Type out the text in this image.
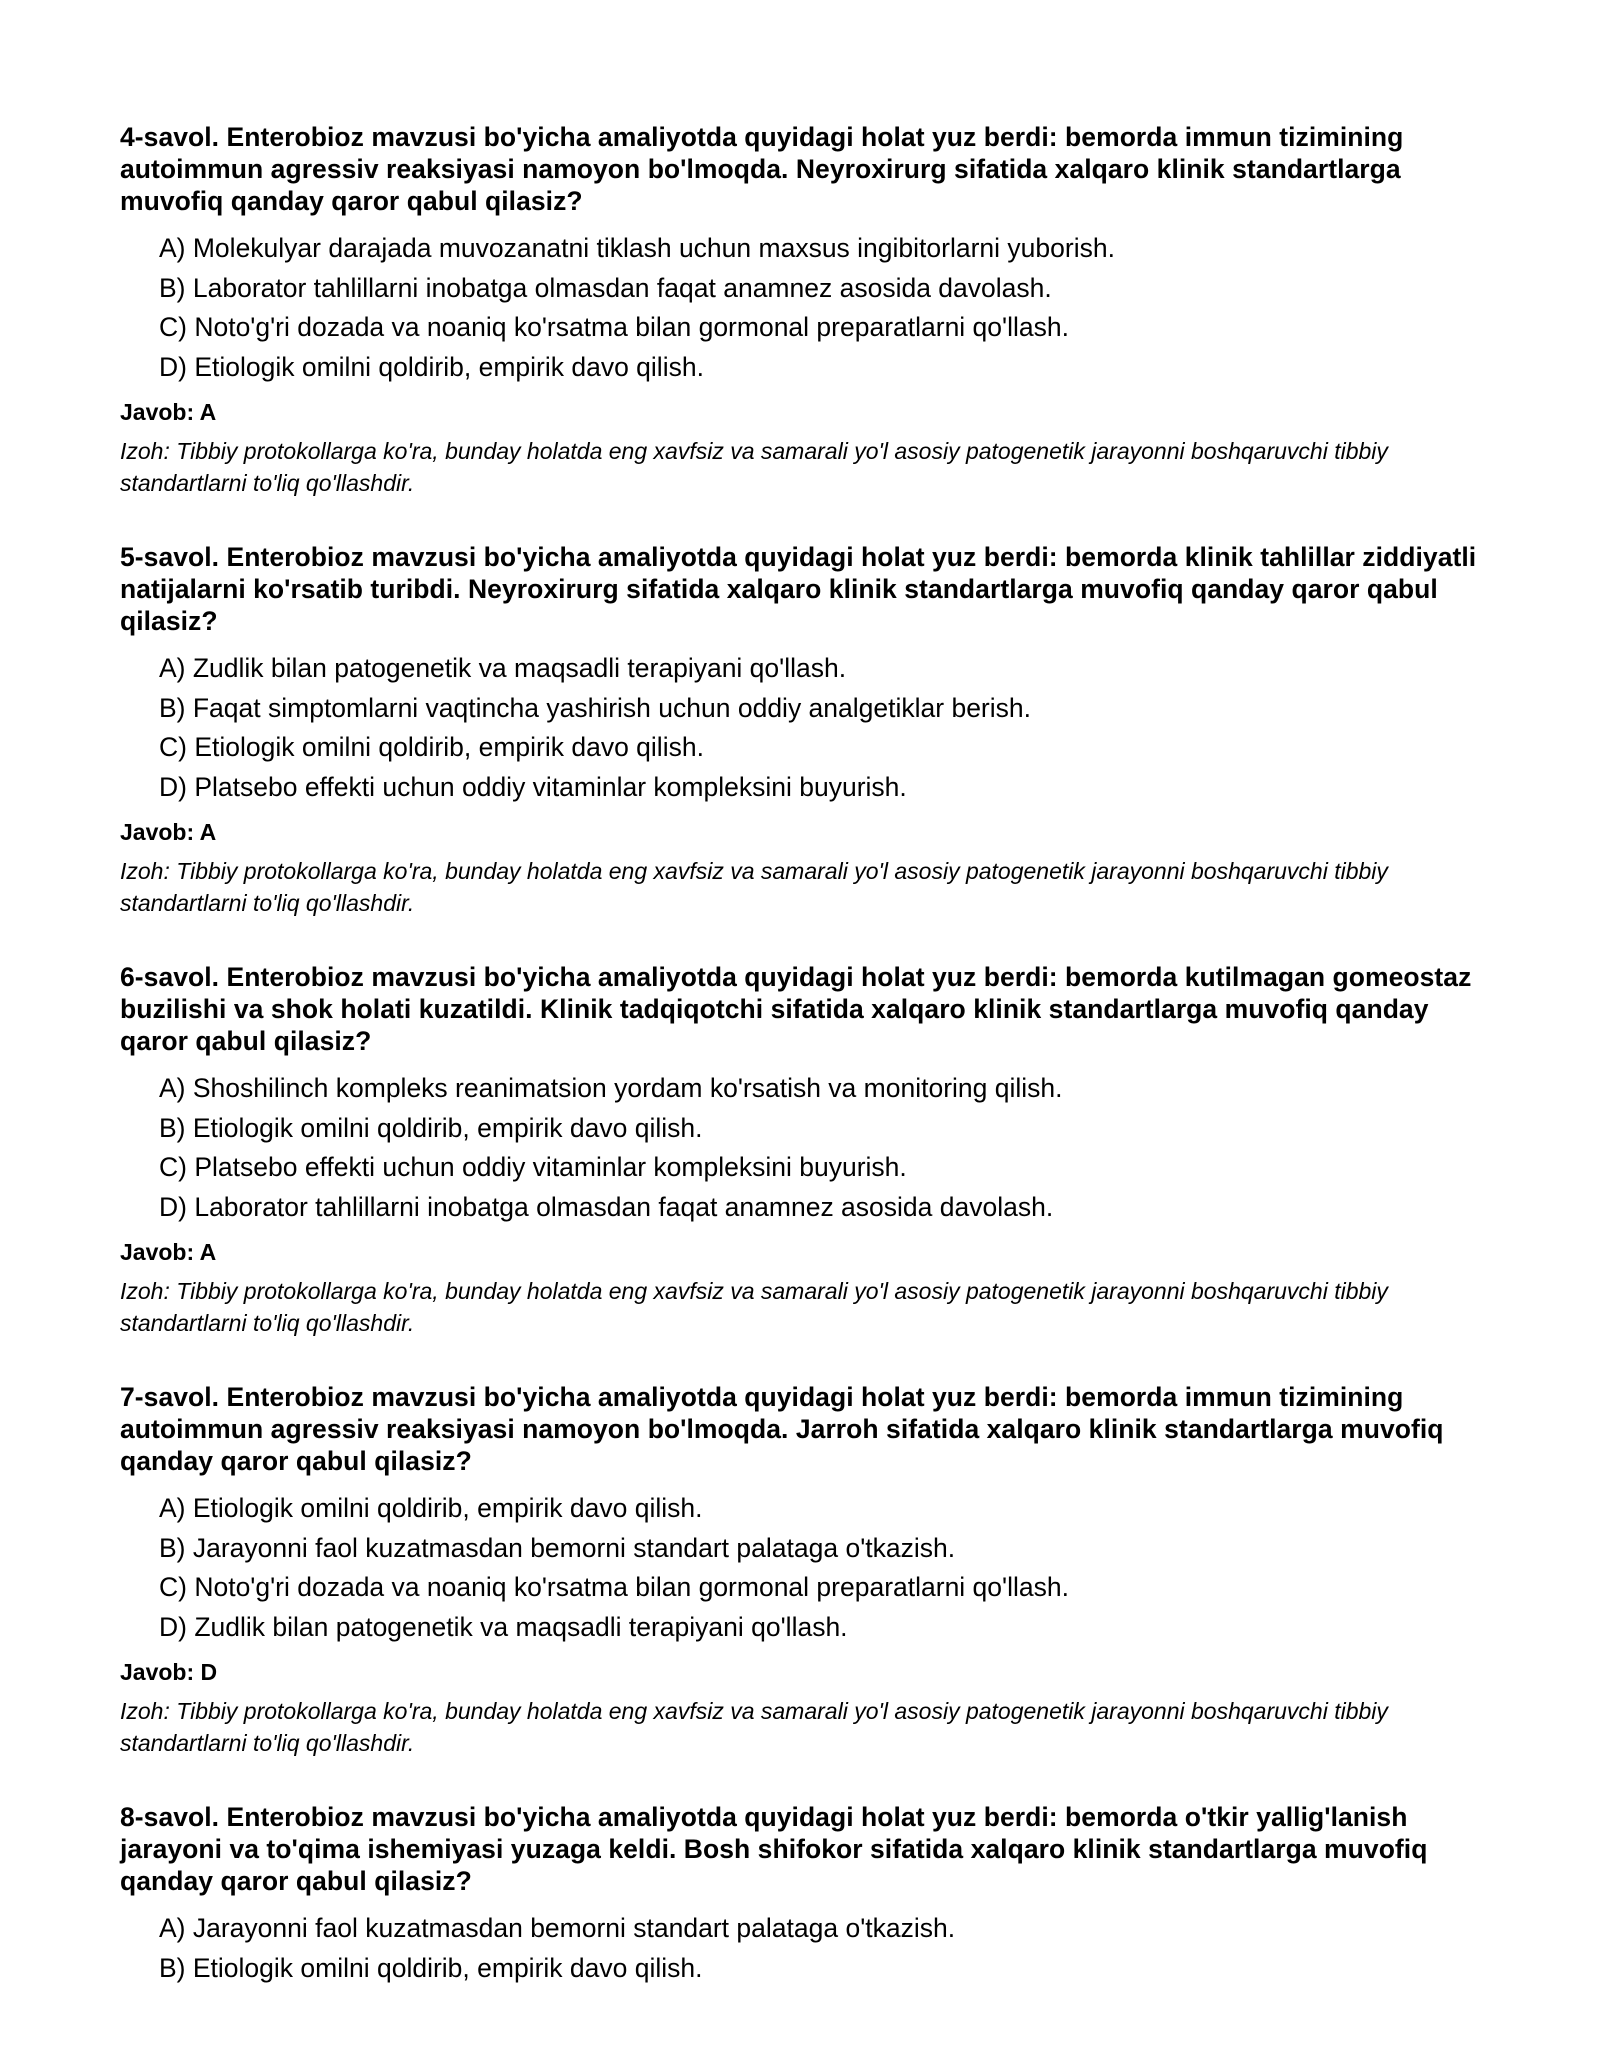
4-savol. Enterobioz mavzusi bo'yicha amaliyotda quyidagi holat yuz berdi: bemorda immun tizimining autoimmun agressiv reaksiyasi namoyon bo'lmoqda. Neyroxirurg sifatida xalqaro klinik standartlarga muvofiq qanday qaror qabul qilasiz?

A) Molekulyar darajada muvozanatni tiklash uchun maxsus ingibitorlarni yuborish.
B) Laborator tahlillarni inobatga olmasdan faqat anamnez asosida davolash.
C) Noto'g'ri dozada va noaniq ko'rsatma bilan gormonal preparatlarni qo'llash.
D) Etiologik omilni qoldirib, empirik davo qilish.

Javob: A

Izoh: Tibbiy protokollarga ko'ra, bunday holatda eng xavfsiz va samarali yo'l asosiy patogenetik jarayonni boshqaruvchi tibbiy standartlarni to'liq qo'llashdir.

5-savol. Enterobioz mavzusi bo'yicha amaliyotda quyidagi holat yuz berdi: bemorda klinik tahlillar ziddiyatli natijalarni ko'rsatib turibdi. Neyroxirurg sifatida xalqaro klinik standartlarga muvofiq qanday qaror qabul qilasiz?

A) Zudlik bilan patogenetik va maqsadli terapiyani qo'llash.
B) Faqat simptomlarni vaqtincha yashirish uchun oddiy analgetiklar berish.
C) Etiologik omilni qoldirib, empirik davo qilish.
D) Platsebo effekti uchun oddiy vitaminlar kompleksini buyurish.

Javob: A

Izoh: Tibbiy protokollarga ko'ra, bunday holatda eng xavfsiz va samarali yo'l asosiy patogenetik jarayonni boshqaruvchi tibbiy standartlarni to'liq qo'llashdir.

6-savol. Enterobioz mavzusi bo'yicha amaliyotda quyidagi holat yuz berdi: bemorda kutilmagan gomeostaz buzilishi va shok holati kuzatildi. Klinik tadqiqotchi sifatida xalqaro klinik standartlarga muvofiq qanday qaror qabul qilasiz?

A) Shoshilinch kompleks reanimatsion yordam ko'rsatish va monitoring qilish.
B) Etiologik omilni qoldirib, empirik davo qilish.
C) Platsebo effekti uchun oddiy vitaminlar kompleksini buyurish.
D) Laborator tahlillarni inobatga olmasdan faqat anamnez asosida davolash.

Javob: A

Izoh: Tibbiy protokollarga ko'ra, bunday holatda eng xavfsiz va samarali yo'l asosiy patogenetik jarayonni boshqaruvchi tibbiy standartlarni to'liq qo'llashdir.

7-savol. Enterobioz mavzusi bo'yicha amaliyotda quyidagi holat yuz berdi: bemorda immun tizimining autoimmun agressiv reaksiyasi namoyon bo'lmoqda. Jarroh sifatida xalqaro klinik standartlarga muvofiq qanday qaror qabul qilasiz?

A) Etiologik omilni qoldirib, empirik davo qilish.
B) Jarayonni faol kuzatmasdan bemorni standart palataga o'tkazish.
C) Noto'g'ri dozada va noaniq ko'rsatma bilan gormonal preparatlarni qo'llash.
D) Zudlik bilan patogenetik va maqsadli terapiyani qo'llash.

Javob: D

Izoh: Tibbiy protokollarga ko'ra, bunday holatda eng xavfsiz va samarali yo'l asosiy patogenetik jarayonni boshqaruvchi tibbiy standartlarni to'liq qo'llashdir.

8-savol. Enterobioz mavzusi bo'yicha amaliyotda quyidagi holat yuz berdi: bemorda o'tkir yallig'lanish jarayoni va to'qima ishemiyasi yuzaga keldi. Bosh shifokor sifatida xalqaro klinik standartlarga muvofiq qanday qaror qabul qilasiz?

A) Jarayonni faol kuzatmasdan bemorni standart palataga o'tkazish.
B) Etiologik omilni qoldirib, empirik davo qilish.
